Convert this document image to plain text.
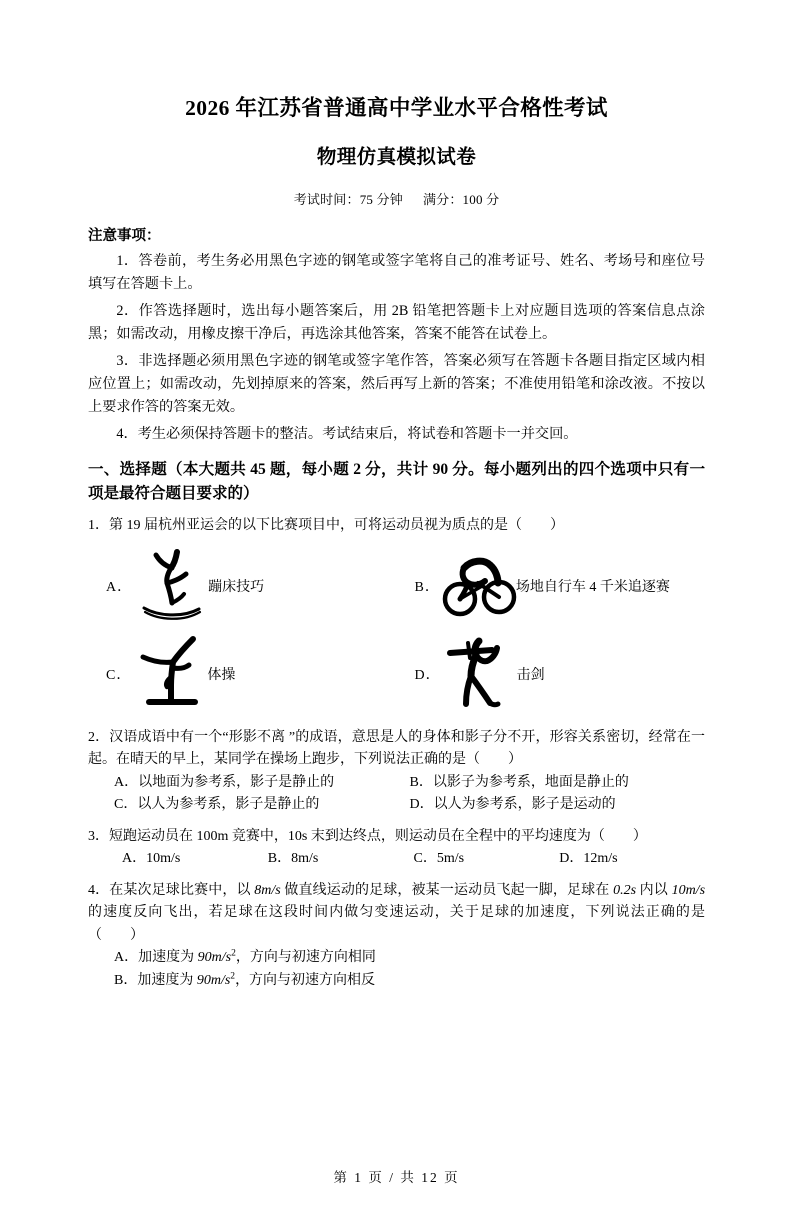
2026 年江苏省普通高中学业水平合格性考试
物理仿真模拟试卷
考试时间：75 分钟 满分：100 分
注意事项：
1．答卷前，考生务必用黑色字迹的钢笔或签字笔将自己的准考证号、姓名、考场号和座位号填写在答题卡上。
2．作答选择题时，选出每小题答案后，用 2B 铅笔把答题卡上对应题目选项的答案信息点涂黑；如需改动，用橡皮擦干净后，再选涂其他答案，答案不能答在试卷上。
3．非选择题必须用黑色字迹的钢笔或签字笔作答，答案必须写在答题卡各题目指定区域内相应位置上；如需改动，先划掉原来的答案，然后再写上新的答案；不准使用铅笔和涂改液。不按以上要求作答的答案无效。
4．考生必须保持答题卡的整洁。考试结束后，将试卷和答题卡一并交回。
一、选择题（本大题共 45 题，每小题 2 分，共计 90 分。每小题列出的四个选项中只有一项是最符合题目要求的）
1．第 19 届杭州亚运会的以下比赛项目中，可将运动员视为质点的是（　　）
A．	蹦床技巧	B．	场地自行车 4 千米追逐赛
C．	体操	D．	击剑
2．汉语成语中有一个“形影不离 ”的成语，意思是人的身体和影子分不开，形容关系密切，经常在一起。在晴天的早上，某同学在操场上跑步，下列说法正确的是（　　）
A．以地面为参考系，影子是静止的	B．以影子为参考系，地面是静止的
C．以人为参考系，影子是静止的	D．以人为参考系，影子是运动的
3．短跑运动员在 100m 竞赛中，10s 末到达终点，则运动员在全程中的平均速度为（　　）
A．10m/s	B．8m/s	C．5m/s	D．12m/s
4．在某次足球比赛中，以 8m/s 做直线运动的足球，被某一运动员飞起一脚，足球在 0.2s 内以 10m/s 的速度反向飞出，若足球在这段时间内做匀变速运动，关于足球的加速度，下列说法正确的是（　　）
A．加速度为 $90m/s^2$，方向与初速方向相同
B．加速度为 $90m/s^2$，方向与初速方向相反
第 1 页 / 共 12 页
